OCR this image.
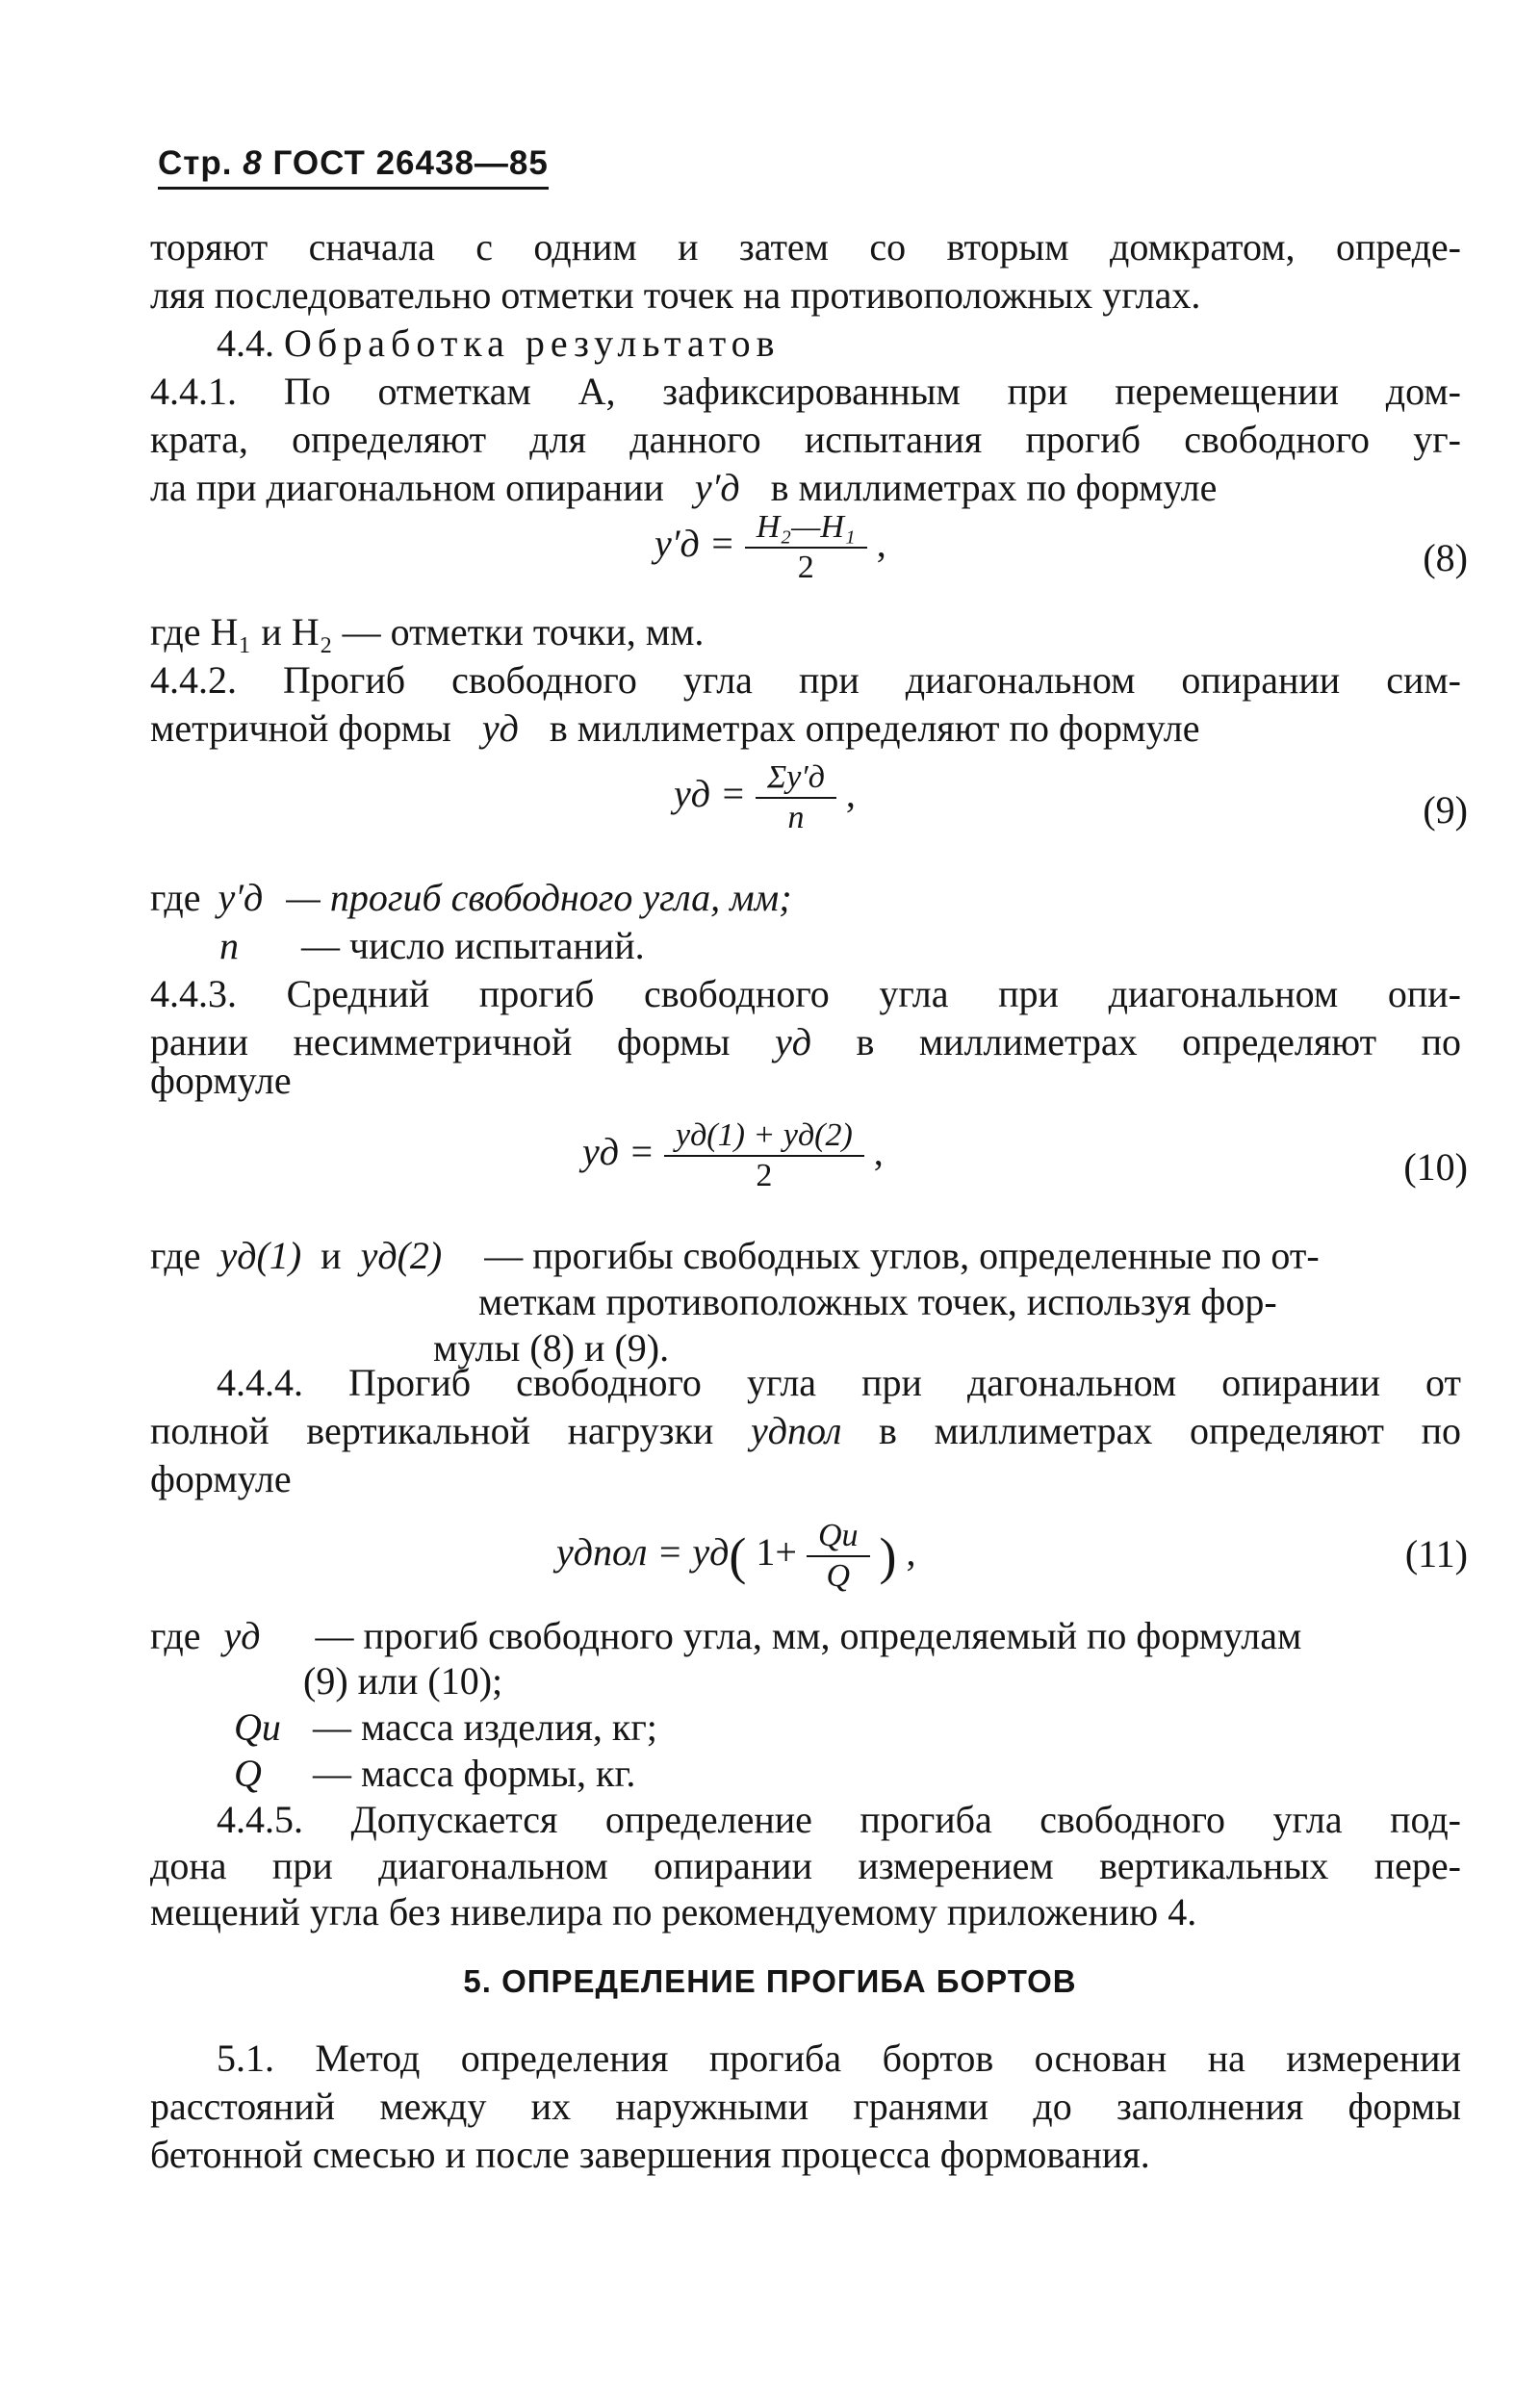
Стр. 8 ГОСТ 26438—85
торяют сначала с одним и затем со вторым домкратом, опреде-
ляя последовательно отметки точек на противоположных углах.
4.4. Обработка результатов
4.4.1. По отметкам А, зафиксированным при перемещении дом-
крата, определяют для данного испытания прогиб свободного уг-
ла при диагональном опирании y′д в миллиметрах по формуле
$y'д = \frac{\text{H₂—H₁}}{2}$ ,	(8)
где H₁ и H₂ — отметки точки, мм.
4.4.2. Прогиб свободного угла при диагональном опирании сим-
метричной формы yд в миллиметрах определяют по формуле
yд = $\frac{\Sigma y'д}{n}$ ,	(9)
где y′д — прогиб свободного угла, мм;
n — число испытаний.
4.4.3. Средний прогиб свободного угла при диагональном опи-
рании несимметричной формы yд в миллиметрах определяют по
формуле
yд = $\frac{yд(1) + yд(2)}{2}$ ,	(10)
где yд(1) и yд(2) — прогибы свободных углов, определенные по от-
меткам противоположных точек, используя фор-
мулы (8) и (9).
4.4.4. Прогиб свободного угла при дагональном опирании от
полной вертикальной нагрузки yдпол в миллиметрах определяют по
формуле
yдпол = yд( $1+ \frac{Qи}{Q}$ ) ,	(11)
где yд — прогиб свободного угла, мм, определяемый по формулам
(9) или (10);
Qи — масса изделия, кг;
Q — масса формы, кг.
4.4.5. Допускается определение прогиба свободного угла под-
дона при диагональном опирании измерением вертикальных пере-
мещений угла без нивелира по рекомендуемому приложению 4.
5. ОПРЕДЕЛЕНИЕ ПРОГИБА БОРТОВ
5.1. Метод определения прогиба бортов основан на измерении
расстояний между их наружными гранями до заполнения формы
бетонной смесью и после завершения процесса формования.
